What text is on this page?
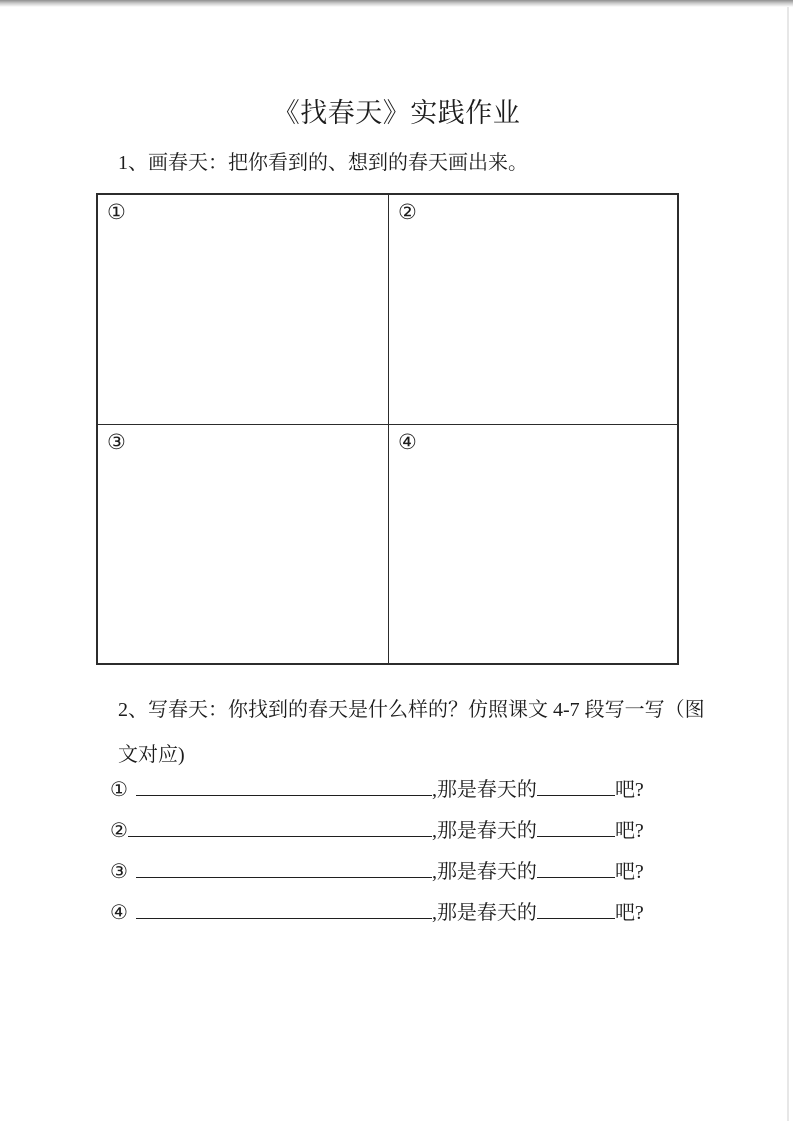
《找春天》实践作业
1、画春天：把你看到的、想到的春天画出来。
①	②
③	④
2、写春天：你找到的春天是什么样的？仿照课文 4-7 段写一写（图
文对应)
①	,那是春天的	吧?
②	,那是春天的	吧?
③	,那是春天的	吧?
④	,那是春天的	吧?
